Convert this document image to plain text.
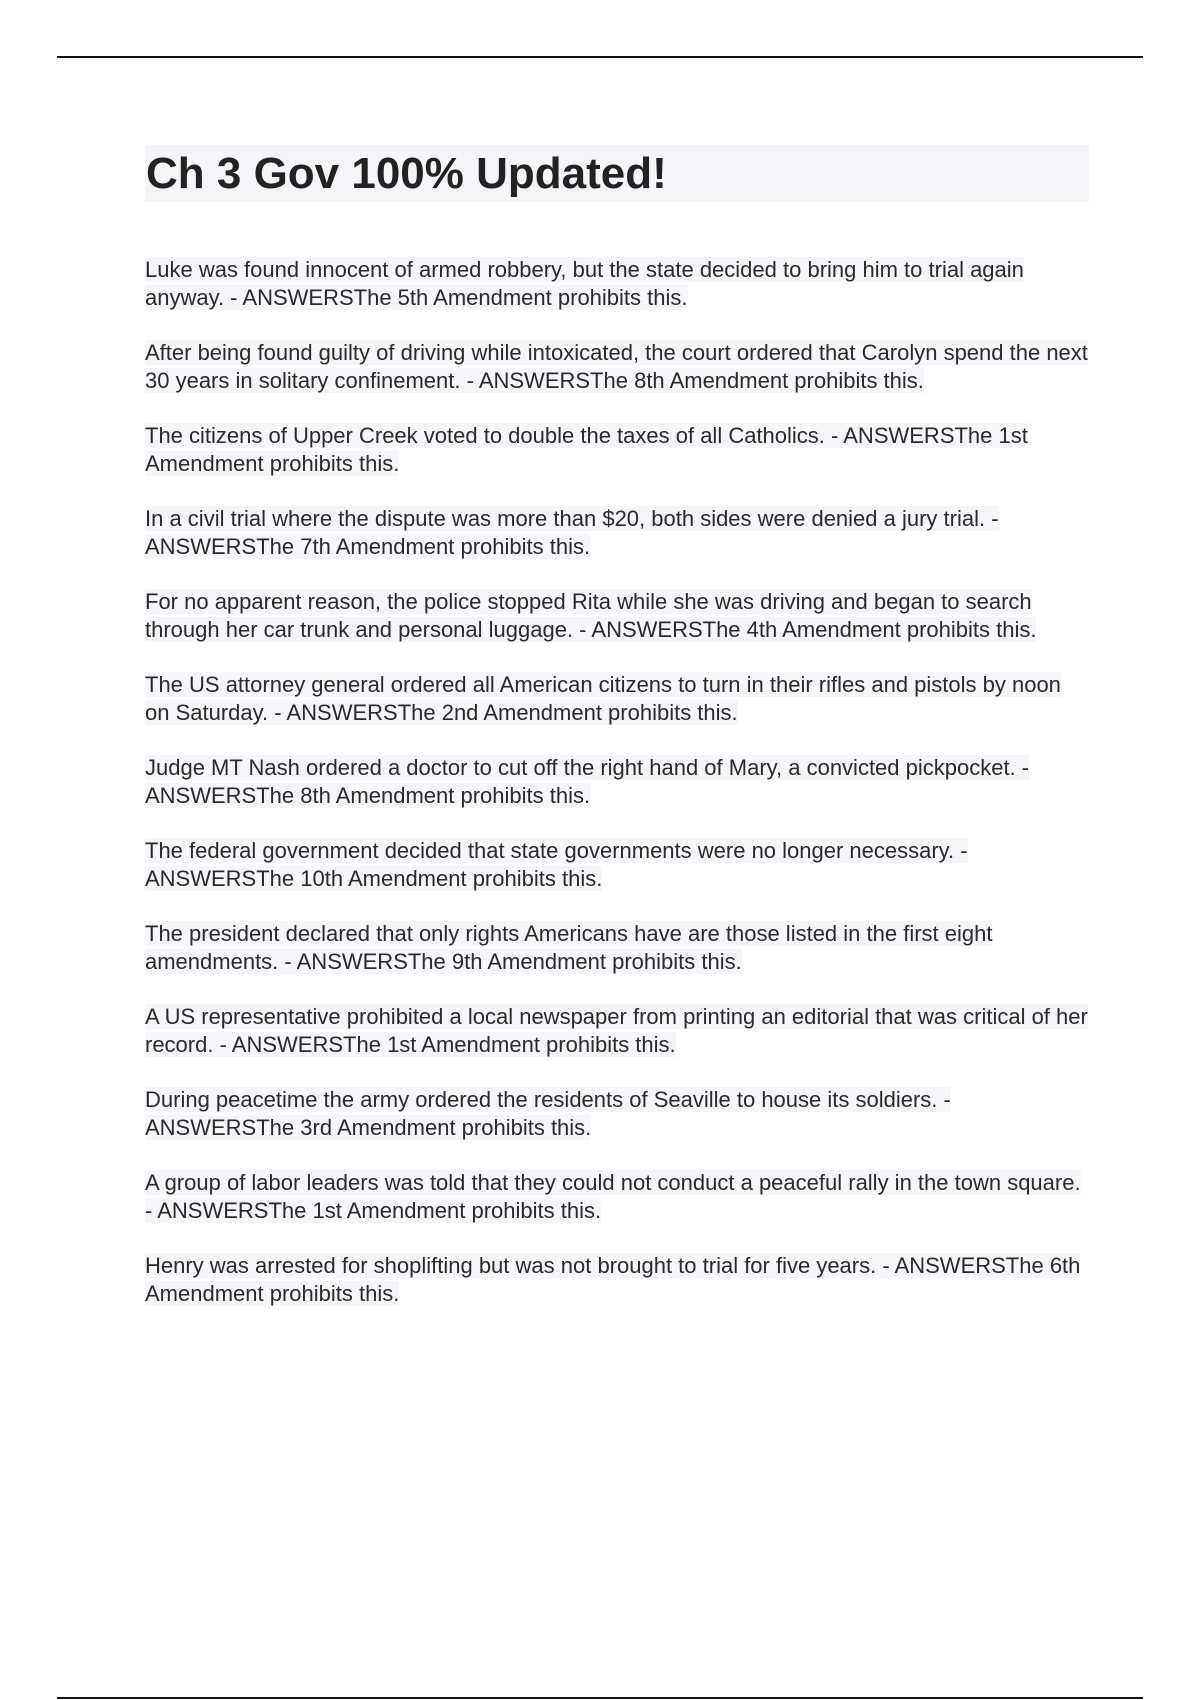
Ch 3 Gov 100% Updated!
Luke was found innocent of armed robbery, but the state decided to bring him to trial again anyway. - ANSWERSThe 5th Amendment prohibits this.
After being found guilty of driving while intoxicated, the court ordered that Carolyn spend the next 30 years in solitary confinement. - ANSWERSThe 8th Amendment prohibits this.
The citizens of Upper Creek voted to double the taxes of all Catholics. - ANSWERSThe 1st Amendment prohibits this.
In a civil trial where the dispute was more than $20, both sides were denied a jury trial. - ANSWERSThe 7th Amendment prohibits this.
For no apparent reason, the police stopped Rita while she was driving and began to search through her car trunk and personal luggage. - ANSWERSThe 4th Amendment prohibits this.
The US attorney general ordered all American citizens to turn in their rifles and pistols by noon on Saturday. - ANSWERSThe 2nd Amendment prohibits this.
Judge MT Nash ordered a doctor to cut off the right hand of Mary, a convicted pickpocket. - ANSWERSThe 8th Amendment prohibits this.
The federal government decided that state governments were no longer necessary. - ANSWERSThe 10th Amendment prohibits this.
The president declared that only rights Americans have are those listed in the first eight amendments. - ANSWERSThe 9th Amendment prohibits this.
A US representative prohibited a local newspaper from printing an editorial that was critical of her record. - ANSWERSThe 1st Amendment prohibits this.
During peacetime the army ordered the residents of Seaville to house its soldiers. - ANSWERSThe 3rd Amendment prohibits this.
A group of labor leaders was told that they could not conduct a peaceful rally in the town square. - ANSWERSThe 1st Amendment prohibits this.
Henry was arrested for shoplifting but was not brought to trial for five years. - ANSWERSThe 6th Amendment prohibits this.
